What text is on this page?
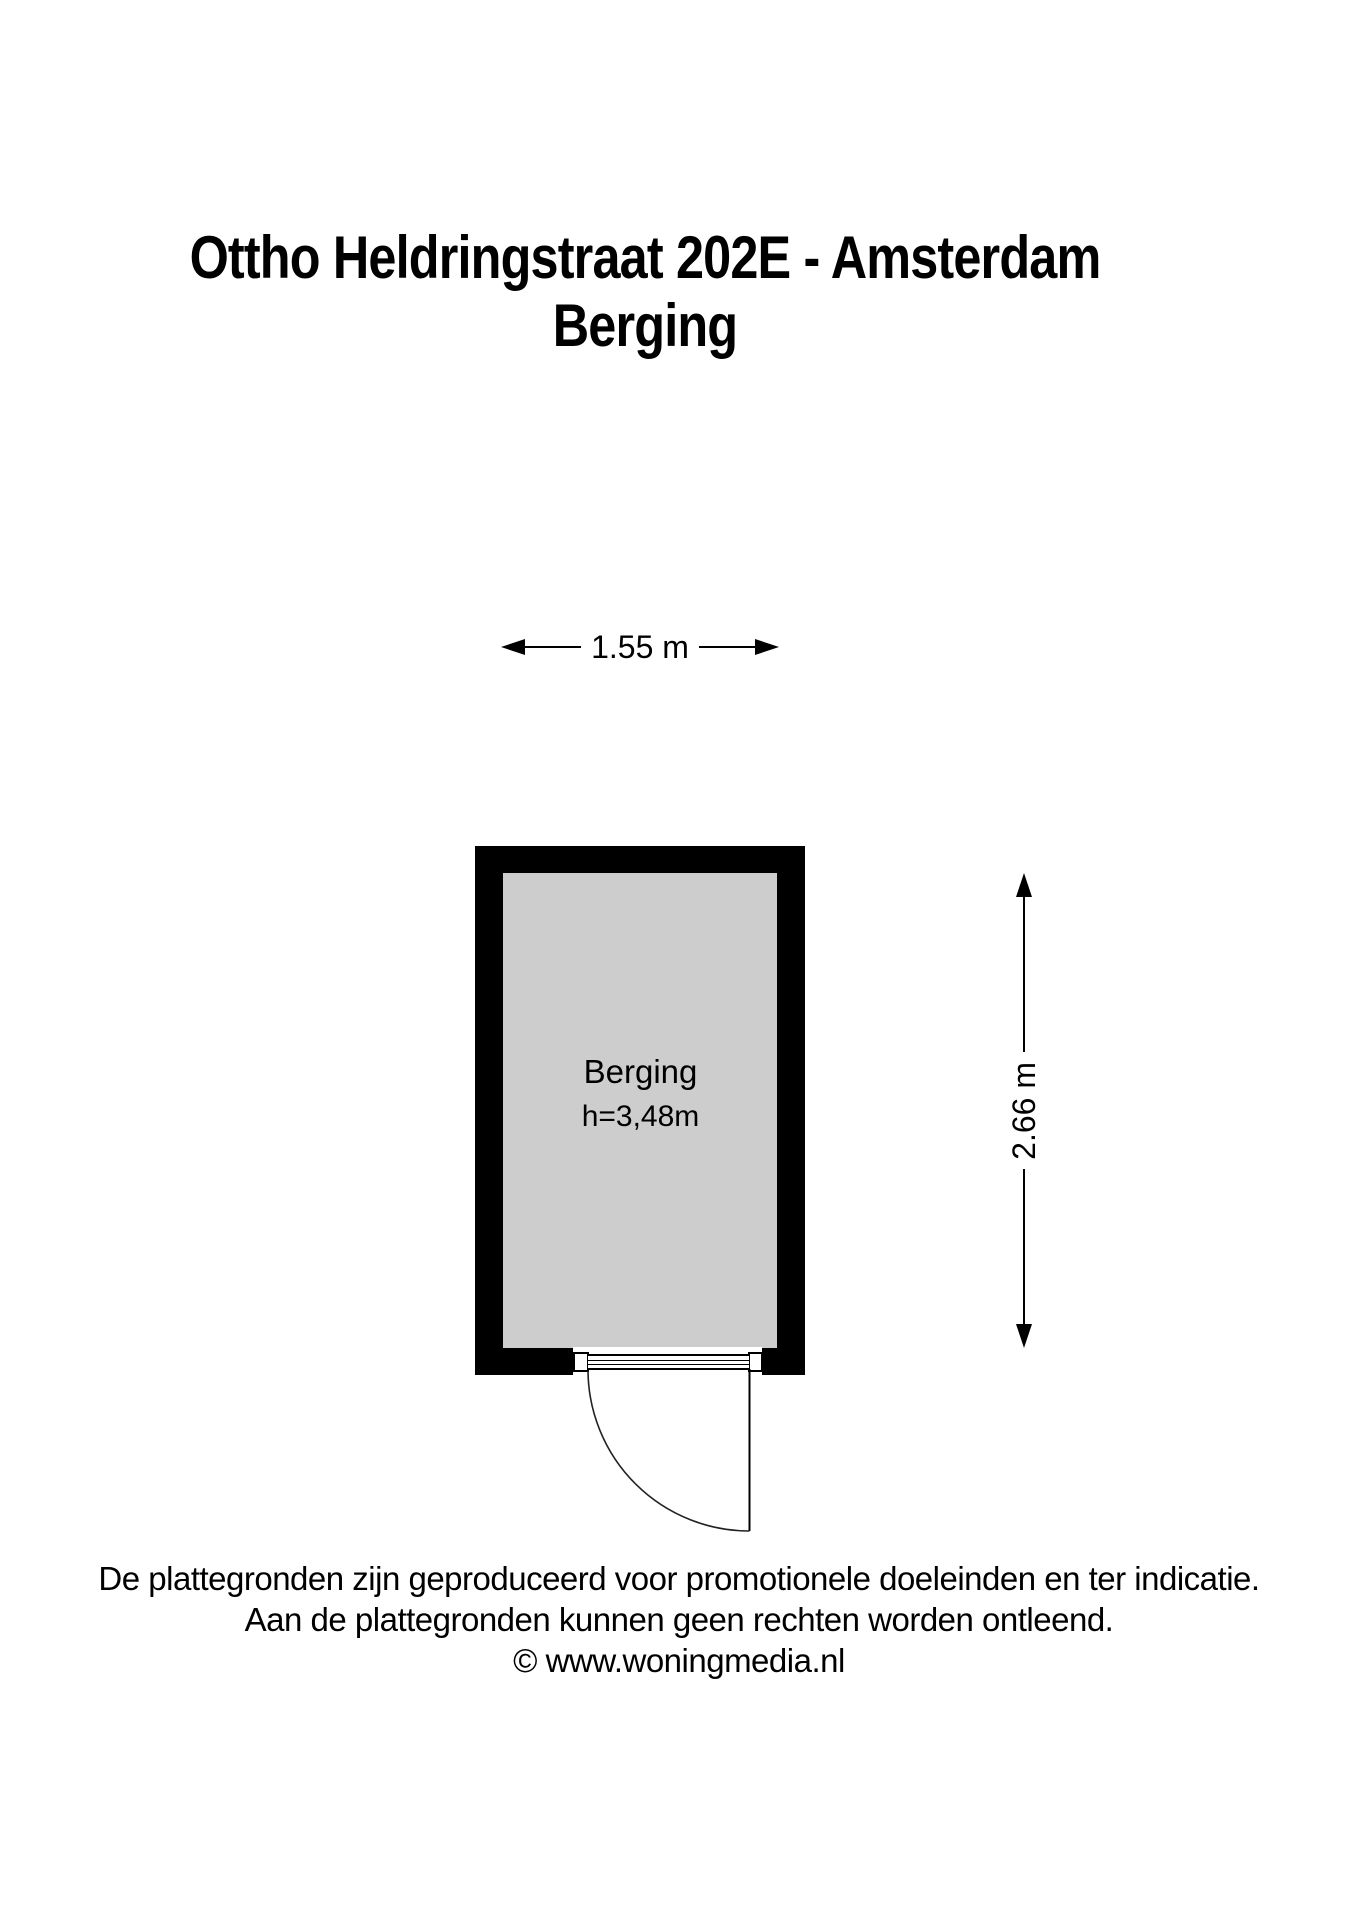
Ottho Heldringstraat 202E - Amsterdam
Berging
1.55 m
Berging
h=3,48m	2.66 m
De plattegronden zijn geproduceerd voor promotionele doeleinden en ter indicatie.
Aan de plattegronden kunnen geen rechten worden ontleend.
© www.woningmedia.nl
